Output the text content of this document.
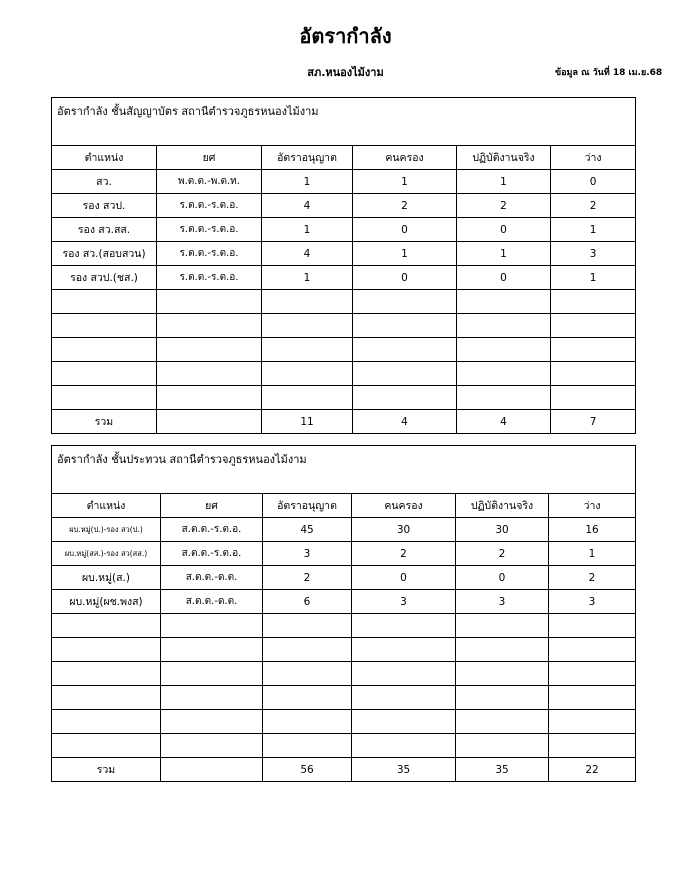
อัตรากำลัง
สภ.หนองไม้งาม	ข้อมูล ณ วันที่ 18 เม.ย.68
อัตรากำลัง ชั้นสัญญาบัตร สถานีตำรวจภูธรหนองไม้งาม					
ตำแหน่ง	ยศ	อัตราอนุญาต	คนครอง	ปฏิบัติงานจริง	ว่าง
สว.	พ.ต.ต.-พ.ต.ท.	1	1	1	0
รอง สวป.	ร.ต.ต.-ร.ต.อ.	4	2	2	2
รอง สว.สส.	ร.ต.ต.-ร.ต.อ.	1	0	0	1
รอง สว.(สอบสวน)	ร.ต.ต.-ร.ต.อ.	4	1	1	3
รอง สวป.(ชส.)	ร.ต.ต.-ร.ต.อ.	1	0	0	1

รวม		11	4	4	7
อัตรากำลัง ชั้นประทวน สถานีตำรวจภูธรหนองไม้งาม					
ตำแหน่ง	ยศ	อัตราอนุญาต	คนครอง	ปฏิบัติงานจริง	ว่าง
ผบ.หมู่(ป.)-รอง สว(ป.)	ส.ต.ต.-ร.ต.อ.	45	30	30	16
ผบ.หมู่(สส.)-รอง สว(สส.)	ส.ต.ต.-ร.ต.อ.	3	2	2	1
ผบ.หมู่(ส.)	ส.ต.ต.-ด.ต.	2	0	0	2
ผบ.หมู่(ผช.พงส)	ส.ต.ต.-ด.ต.	6	3	3	3

รวม		56	35	35	22
